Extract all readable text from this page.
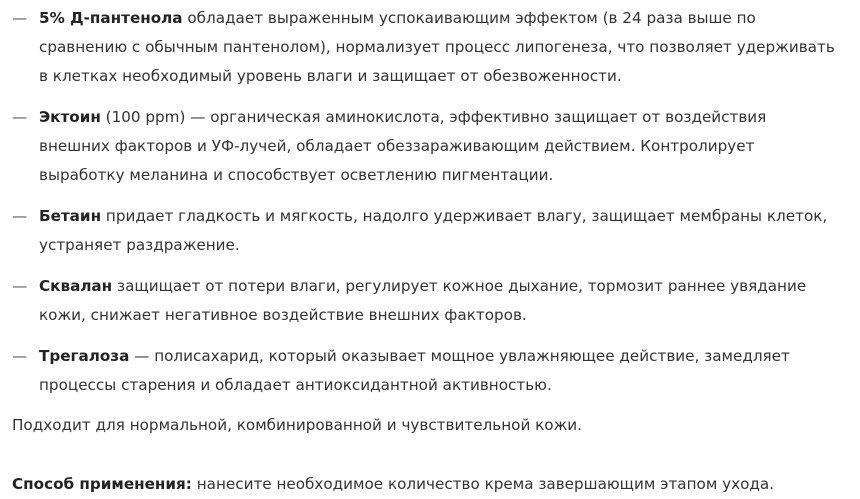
— 5% Д-пантенола обладает выраженным успокаивающим эффектом (в 24 раза выше по сравнению с обычным пантенолом), нормализует процесс липогенеза, что позволяет удерживать в клетках необходимый уровень влаги и защищает от обезвоженности.
— Эктоин (100 ppm) — органическая аминокислота, эффективно защищает от воздействия внешних факторов и УФ-лучей, обладает обеззараживающим действием. Контролирует выработку меланина и способствует осветлению пигментации.
— Бетаин придает гладкость и мягкость, надолго удерживает влагу, защищает мембраны клеток, устраняет раздражение.
— Сквалан защищает от потери влаги, регулирует кожное дыхание, тормозит раннее увядание кожи, снижает негативное воздействие внешних факторов.
— Трегалоза — полисахарид, который оказывает мощное увлажняющее действие, замедляет процессы старения и обладает антиоксидантной активностью.

Подходит для нормальной, комбинированной и чувствительной кожи.

Способ применения: нанесите необходимое количество крема завершающим этапом ухода.
